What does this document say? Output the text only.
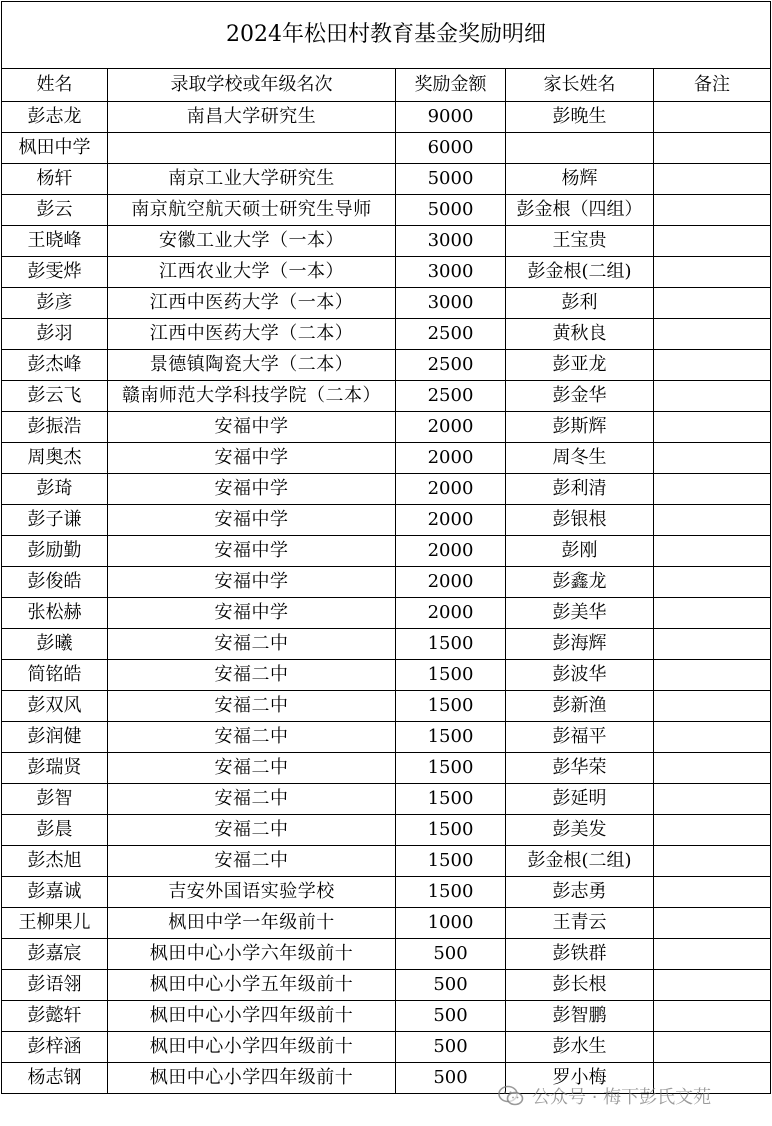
2024年松田村教育基金奖励明细				
姓名	录取学校或年级名次	奖励金额	家长姓名	备注
彭志龙	南昌大学研究生	9000	彭晚生	
枫田中学		6000		
杨轩	南京工业大学研究生	5000	杨辉	
彭云	南京航空航天硕士研究生导师	5000	彭金根（四组）	
王晓峰	安徽工业大学（一本）	3000	王宝贵	
彭雯烨	江西农业大学（一本）	3000	彭金根(二组)	
彭彦	江西中医药大学（一本）	3000	彭利	
彭羽	江西中医药大学（二本）	2500	黄秋良	
彭杰峰	景德镇陶瓷大学（二本）	2500	彭亚龙	
彭云飞	赣南师范大学科技学院（二本）	2500	彭金华	
彭振浩	安福中学	2000	彭斯辉	
周奥杰	安福中学	2000	周冬生	
彭琦	安福中学	2000	彭利清	
彭子谦	安福中学	2000	彭银根	
彭励勤	安福中学	2000	彭刚	
彭俊皓	安福中学	2000	彭鑫龙	
张松赫	安福中学	2000	彭美华	
彭曦	安福二中	1500	彭海辉	
简铭皓	安福二中	1500	彭波华	
彭双风	安福二中	1500	彭新渔	
彭润健	安福二中	1500	彭福平	
彭瑞贤	安福二中	1500	彭华荣	
彭智	安福二中	1500	彭延明	
彭晨	安福二中	1500	彭美发	
彭杰旭	安福二中	1500	彭金根(二组)	
彭嘉诚	吉安外国语实验学校	1500	彭志勇	
王柳果儿	枫田中学一年级前十	1000	王青云	
彭嘉宸	枫田中心小学六年级前十	500	彭铁群	
彭语翎	枫田中心小学五年级前十	500	彭长根	
彭懿轩	枫田中心小学四年级前十	500	彭智鹏	
彭梓涵	枫田中心小学四年级前十	500	彭水生	
杨志钢	枫田中心小学四年级前十	500	罗小梅	
公众号 · 梅下彭氏文苑
